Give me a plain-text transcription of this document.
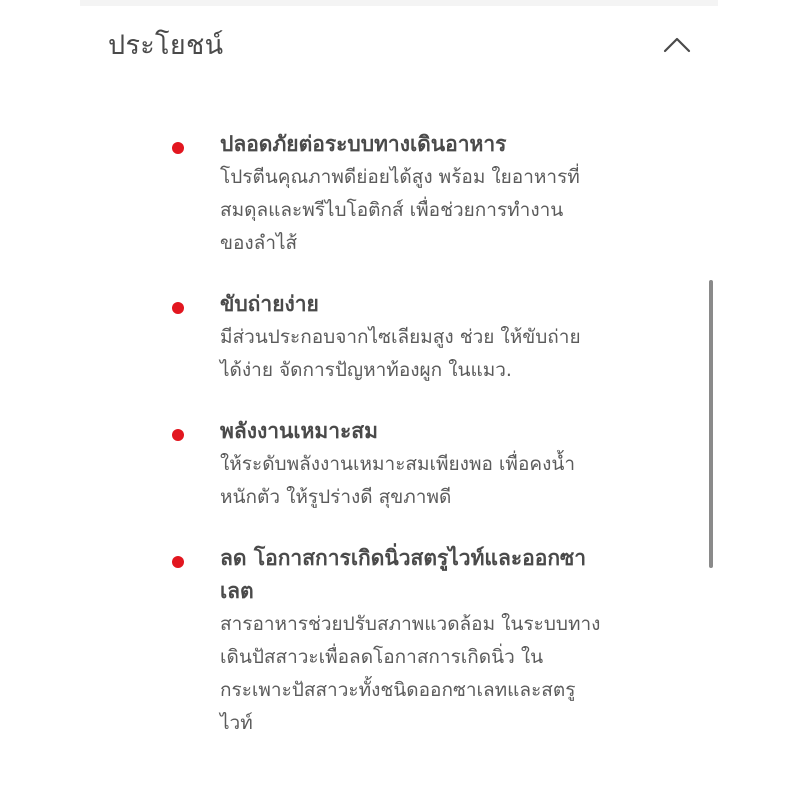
ประโยชน์
ปลอดภัยต่อระบบทางเดินอาหาร
โปรตีนคุณภาพดีย่อยได้สูง พร้อม ใยอาหารที่
สมดุลและพรีไบโอติกส์ เพื่อช่วยการทำงาน
ของลำไส้
ขับถ่ายง่าย
มีส่วนประกอบจากไซเลียมสูง ช่วย ให้ขับถ่าย
ได้ง่าย จัดการปัญหาท้องผูก ในแมว.
พลังงานเหมาะสม
ให้ระดับพลังงานเหมาะสมเพียงพอ เพื่อคงน้ำ
หนักตัว ให้รูปร่างดี สุขภาพดี
ลด โอกาสการเกิดนิ่วสตรูไวท์และออกซา
เลต
สารอาหารช่วยปรับสภาพแวดล้อม ในระบบทาง
เดินปัสสาวะเพื่อลดโอกาสการเกิดนิ่ว ใน
กระเพาะปัสสาวะทั้งชนิดออกซาเลทและสตรู
ไวท์
